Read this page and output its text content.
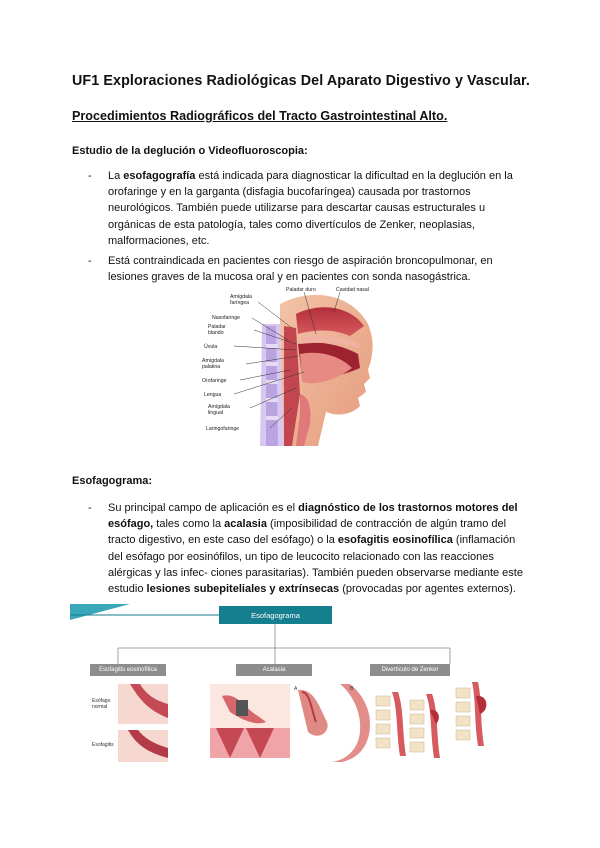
UF1 Exploraciones Radiológicas Del Aparato Digestivo y Vascular.
Procedimientos Radiográficos del Tracto Gastrointestinal Alto.
Estudio de la deglución o Videofluoroscopia:
- La esofagografía está indicada para diagnosticar la dificultad en la deglución en la
orofaringe y en la garganta (disfagia bucofaríngea) causada por trastornos
neurológicos. También puede utilizarse para descartar causas estructurales u
orgánicas de esta patología, tales como divertículos de Zenker, neoplasias,
malformaciones, etc.
- Está contraindicada en pacientes con riesgo de aspiración broncopulmonar, en
lesiones graves de la mucosa oral y en pacientes con sonda nasogástrica.
Paladar duro	Cavidad nasal
Amígdala
faríngea
Nasofaringe
Paladar
blando
Úvula
Amígdala
palatina
Orofaringe
Lengua
Amígdala
lingual
Laringofaringe
Esofagograma:
- Su principal campo de aplicación es el diagnóstico de los trastornos motores del
esófago, tales como la acalasia (imposibilidad de contracción de algún tramo del
tracto digestivo, en este caso del esófago) o la esofagitis eosinofílica (inflamación
del esófago por eosinófilos, un tipo de leucocito relacionado con las reacciones
alérgicas y las infec- ciones parasitarias). También pueden observarse mediante este
estudio lesiones subepiteliales y extrínsecas (provocadas por agentes externos).
Esofagograma
Esofagitis eosinofílica	Acalasia	Divertículo de Zenker
Esófago
normal
Esofagitis
A	B
